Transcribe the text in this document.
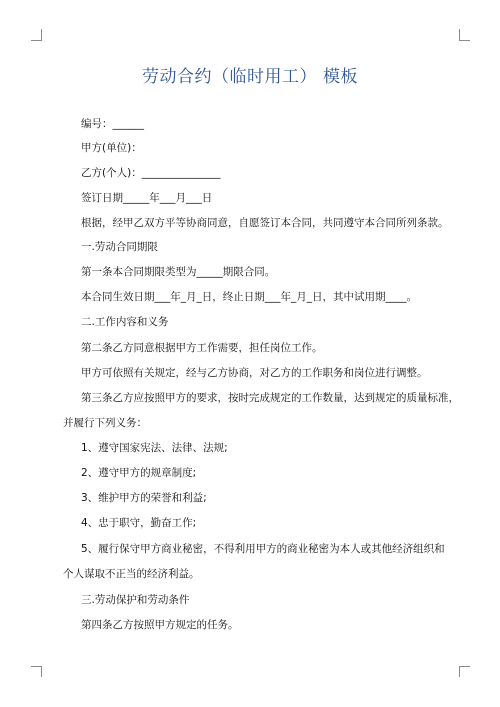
劳动合约（临时用工） 模板
编号：______
甲方(单位)：
乙方(个人)：_______________
签订日期_____年___月___日
根据，经甲乙双方平等协商同意，自愿签订本合同，共同遵守本合同所列条款。
一.劳动合同期限
第一条本合同期限类型为_____期限合同。
本合同生效日期___年_月_日，终止日期___年_月_日，其中试用期____。
二.工作内容和义务
第二条乙方同意根据甲方工作需要，担任岗位工作。
甲方可依照有关规定，经与乙方协商，对乙方的工作职务和岗位进行调整。
第三条乙方应按照甲方的要求，按时完成规定的工作数量，达到规定的质量标准，
并履行下列义务：
1、遵守国家宪法、法律、法规;
2、遵守甲方的规章制度;
3、维护甲方的荣誉和利益;
4、忠于职守，勤奋工作;
5、履行保守甲方商业秘密，不得利用甲方的商业秘密为本人或其他经济组织和
个人谋取不正当的经济利益。
三.劳动保护和劳动条件
第四条乙方按照甲方规定的任务。
